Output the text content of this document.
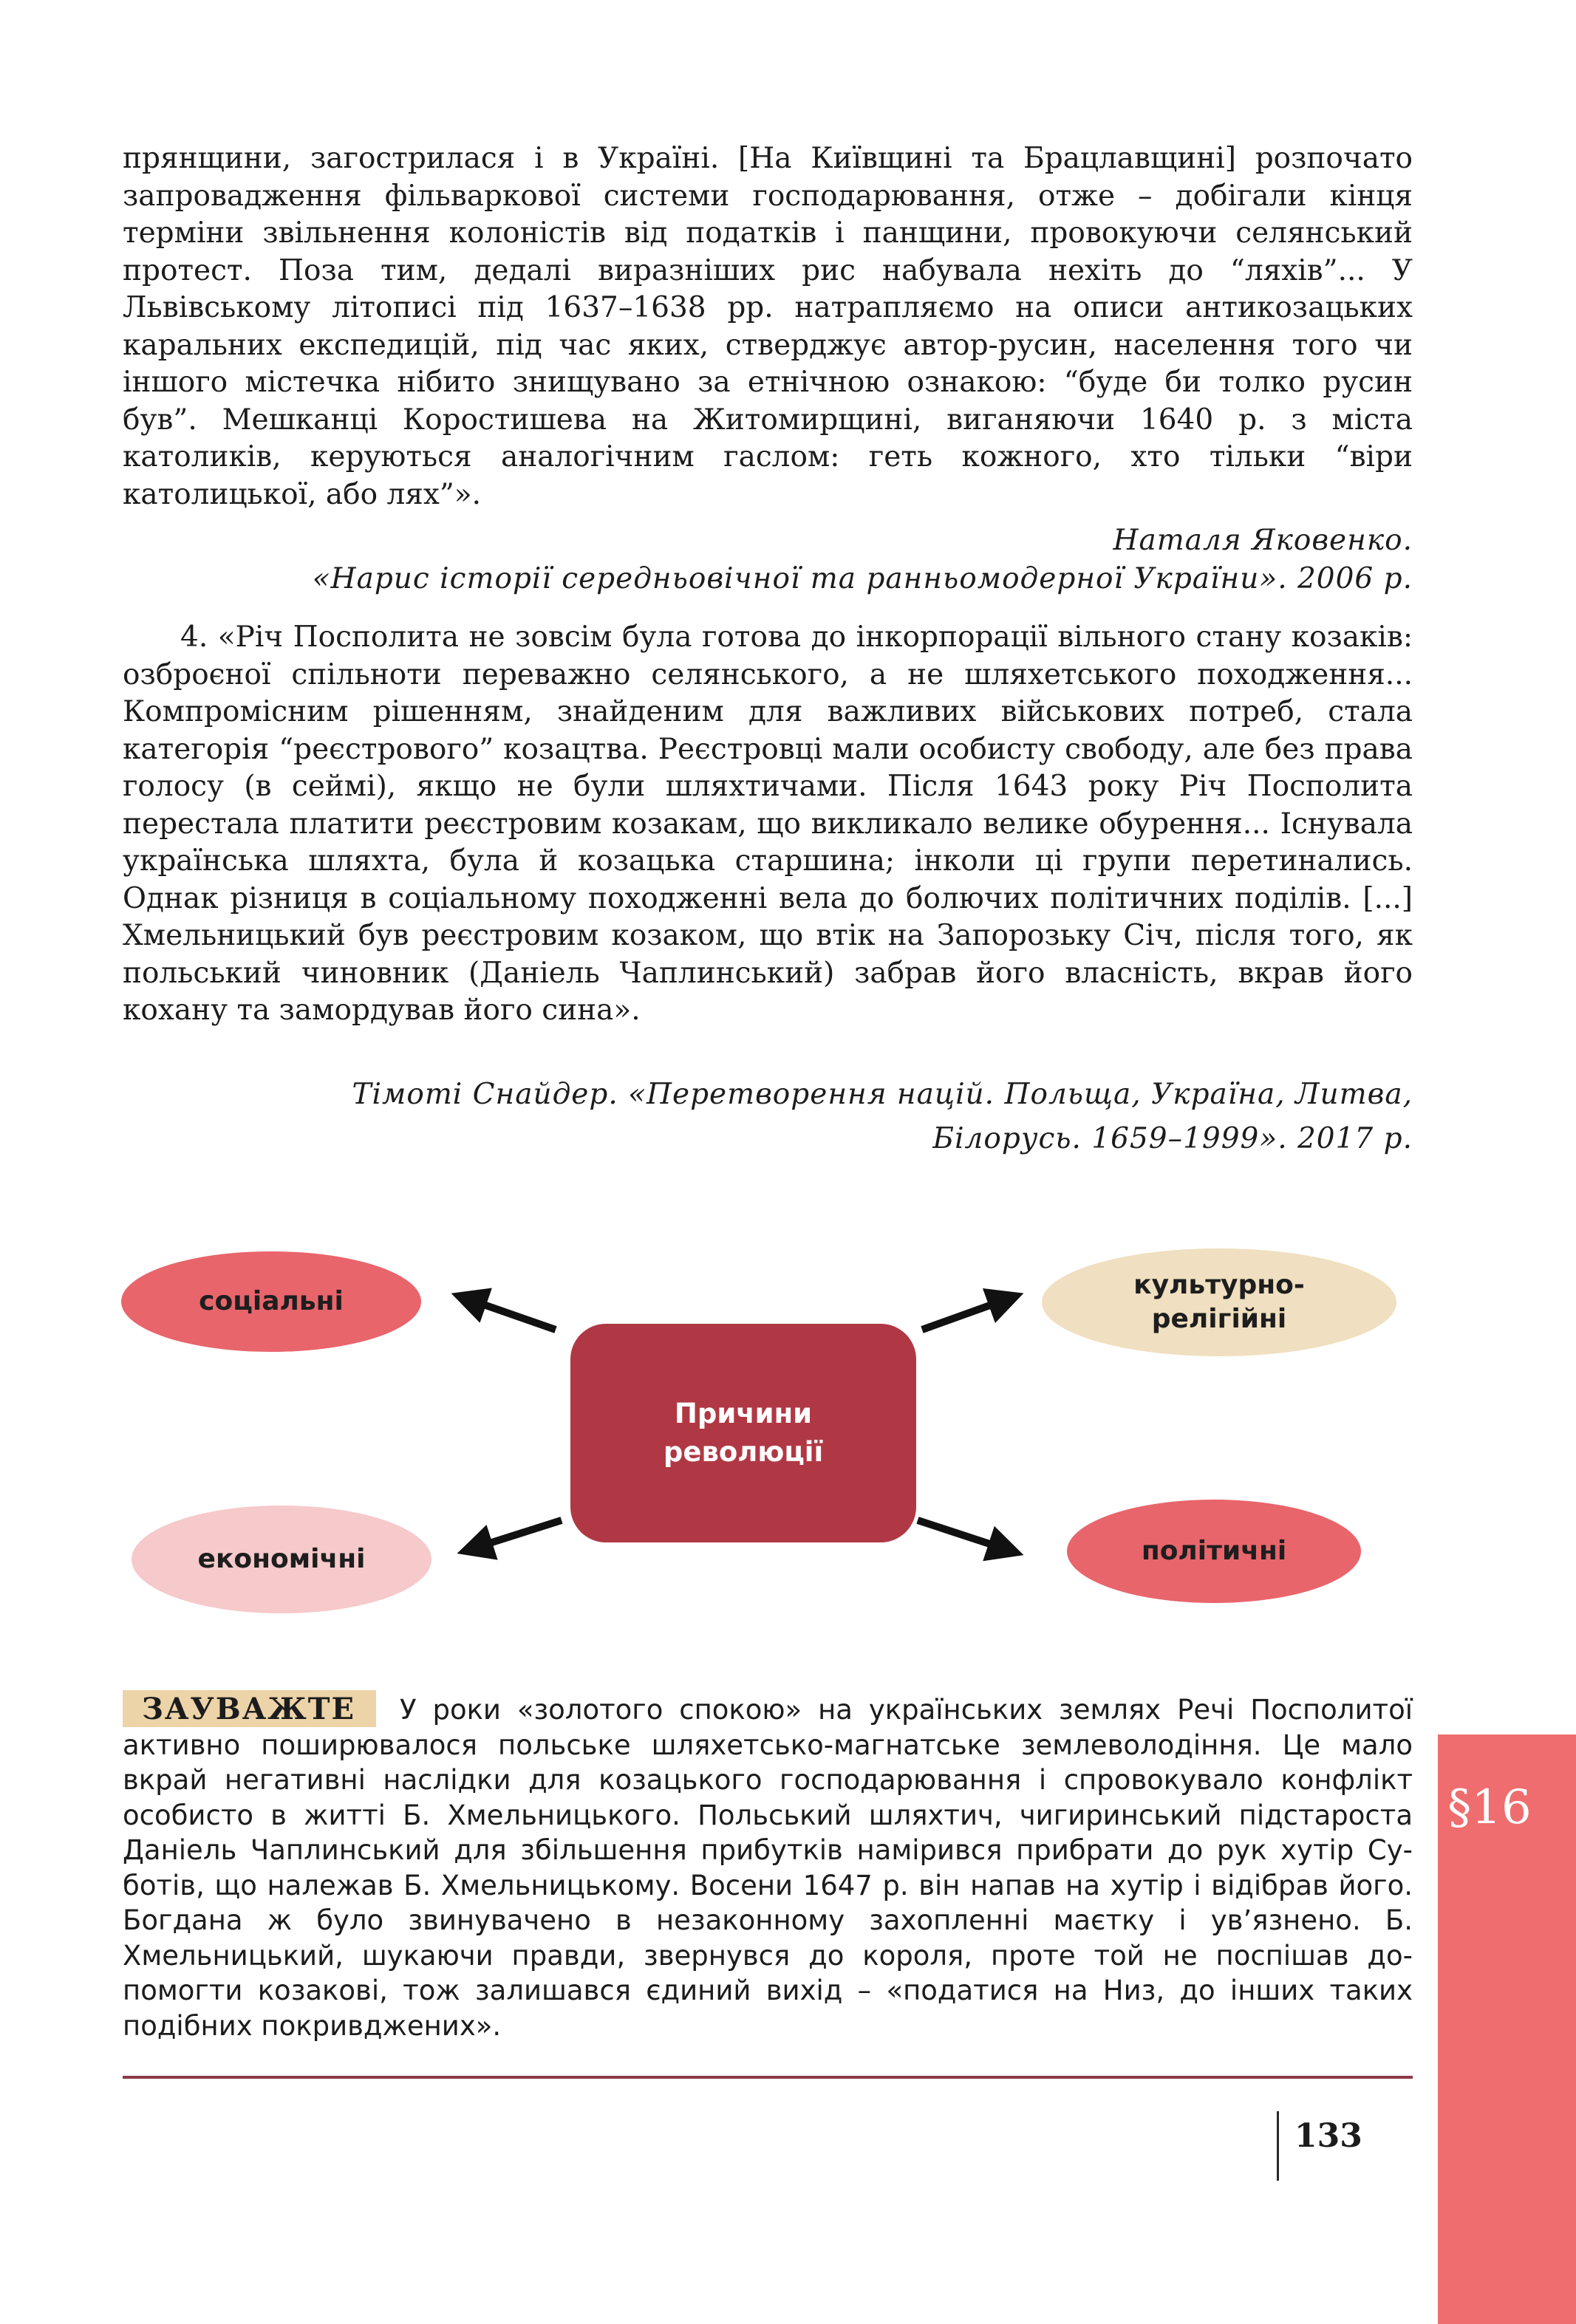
прянщини, загострилася і в Україні. [На Київщині та Брацлавщині] розпочато запровадження фільваркової системи господарювання, отже – добігали кінця терміни звільнення колоністів від податків і панщини, провокуючи селянський протест. Поза тим, дедалі виразніших рис набувала нехіть до “ляхів”... У Львівському літописі під 1637–1638 рр. натрапляємо на описи антикозацьких каральних експедицій, під час яких, стверджує автор-русин, населення того чи іншого містечка нібито знищувано за етнічною ознакою: “буде би толко русин був”. Мешканці Коростишева на Житомирщині, виганяючи 1640 р. з міста католиків, керуються аналогічним гаслом: геть кожного, хто тільки “віри католицької, або лях”».
Наталя Яковенко.
«Нарис історії середньовічної та ранньомодерної України». 2006 р.
4. «Річ Посполита не зовсім була готова до інкорпорації вільного стану козаків: озброєної спільноти переважно селянського, а не шляхетського походження... Компромісним рішенням, знайденим для важливих військових потреб, стала категорія “реєстрового” козацтва. Реєстровці мали особисту свободу, але без права голосу (в сеймі), якщо не були шляхтичами. Після 1643 року Річ Посполита перестала платити реєстровим козакам, що викликало велике обурення... Існувала українська шляхта, була й козацька старшина; інколи ці групи перетинались. Однак різниця в соціальному походженні вела до болючих політичних поділів. [...] Хмельницький був реєстровим козаком, що втік на Запорозьку Січ, після того, як польський чиновник (Даніель Чаплинський) забрав його власність, вкрав його кохану та замордував його сина».
Тімоті Снайдер. «Перетворення націй. Польща, Україна, Литва,
Білорусь. 1659–1999». 2017 р.
соціальні
культурно-
релігійні
Причини
революції
економічні	політичні
ЗАУВАЖТЕ У роки «золотого спокою» на українських землях Речі Посполитої активно поширювалося польське шляхетсько-магнатське землеволодіння. Це мало вкрай негативні наслідки для козацького господарювання і спровокувало конфлікт особисто в житті Б. Хмельницького. Польський шляхтич, чигиринський підстароста Даніель Чаплинський для збільшення прибутків намірився прибрати до рук хутір Суботів, що належав Б. Хмельницькому. Восени 1647 р. він напав на хутір і відібрав його. Богдана ж було звинувачено в незаконному захопленні маєтку і ув’язнено. Б. Хмельницький, шукаючи правди, звернувся до короля, проте той не поспішав допомогти козакові, тож залишався єдиний вихід – «податися на Низ, до інших таких подібних покривджених».
133
§16
